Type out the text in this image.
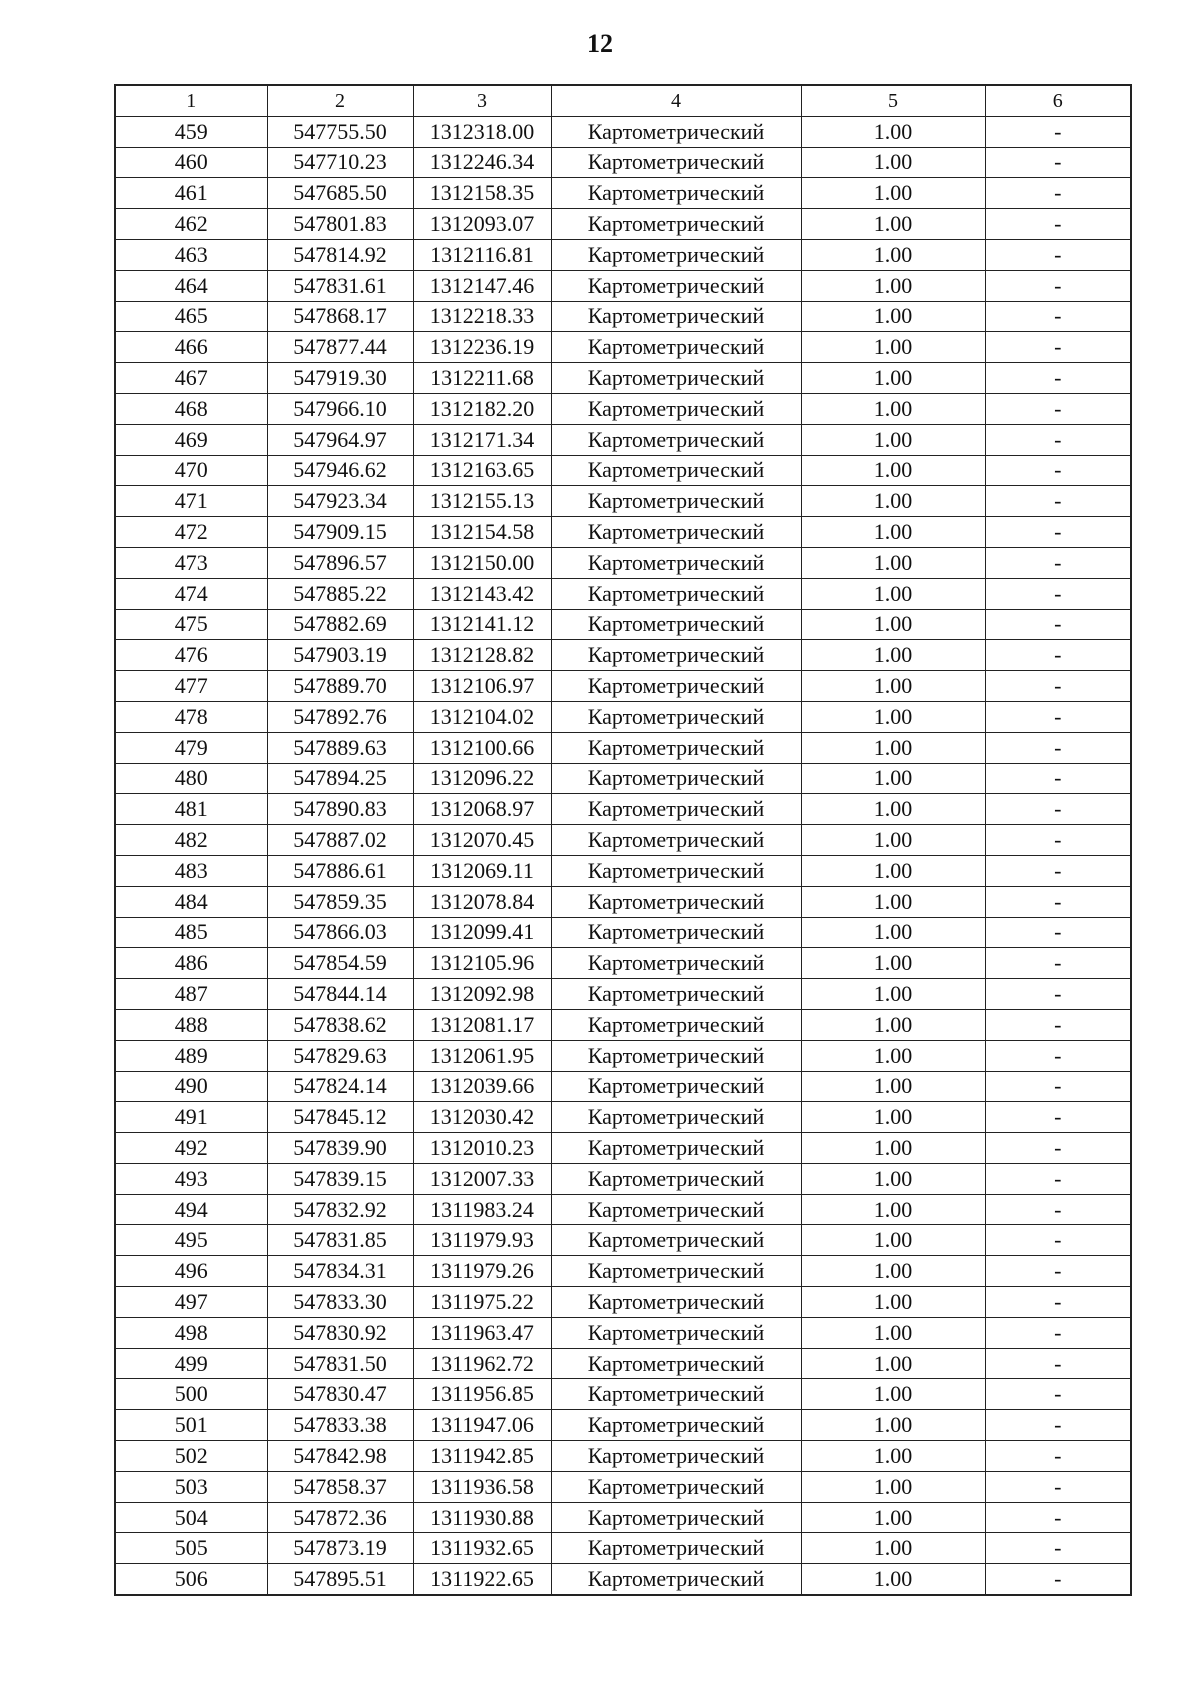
12
1	2	3	4	5	6
459	547755.50	1312318.00	Картометрический	1.00	-
460	547710.23	1312246.34	Картометрический	1.00	-
461	547685.50	1312158.35	Картометрический	1.00	-
462	547801.83	1312093.07	Картометрический	1.00	-
463	547814.92	1312116.81	Картометрический	1.00	-
464	547831.61	1312147.46	Картометрический	1.00	-
465	547868.17	1312218.33	Картометрический	1.00	-
466	547877.44	1312236.19	Картометрический	1.00	-
467	547919.30	1312211.68	Картометрический	1.00	-
468	547966.10	1312182.20	Картометрический	1.00	-
469	547964.97	1312171.34	Картометрический	1.00	-
470	547946.62	1312163.65	Картометрический	1.00	-
471	547923.34	1312155.13	Картометрический	1.00	-
472	547909.15	1312154.58	Картометрический	1.00	-
473	547896.57	1312150.00	Картометрический	1.00	-
474	547885.22	1312143.42	Картометрический	1.00	-
475	547882.69	1312141.12	Картометрический	1.00	-
476	547903.19	1312128.82	Картометрический	1.00	-
477	547889.70	1312106.97	Картометрический	1.00	-
478	547892.76	1312104.02	Картометрический	1.00	-
479	547889.63	1312100.66	Картометрический	1.00	-
480	547894.25	1312096.22	Картометрический	1.00	-
481	547890.83	1312068.97	Картометрический	1.00	-
482	547887.02	1312070.45	Картометрический	1.00	-
483	547886.61	1312069.11	Картометрический	1.00	-
484	547859.35	1312078.84	Картометрический	1.00	-
485	547866.03	1312099.41	Картометрический	1.00	-
486	547854.59	1312105.96	Картометрический	1.00	-
487	547844.14	1312092.98	Картометрический	1.00	-
488	547838.62	1312081.17	Картометрический	1.00	-
489	547829.63	1312061.95	Картометрический	1.00	-
490	547824.14	1312039.66	Картометрический	1.00	-
491	547845.12	1312030.42	Картометрический	1.00	-
492	547839.90	1312010.23	Картометрический	1.00	-
493	547839.15	1312007.33	Картометрический	1.00	-
494	547832.92	1311983.24	Картометрический	1.00	-
495	547831.85	1311979.93	Картометрический	1.00	-
496	547834.31	1311979.26	Картометрический	1.00	-
497	547833.30	1311975.22	Картометрический	1.00	-
498	547830.92	1311963.47	Картометрический	1.00	-
499	547831.50	1311962.72	Картометрический	1.00	-
500	547830.47	1311956.85	Картометрический	1.00	-
501	547833.38	1311947.06	Картометрический	1.00	-
502	547842.98	1311942.85	Картометрический	1.00	-
503	547858.37	1311936.58	Картометрический	1.00	-
504	547872.36	1311930.88	Картометрический	1.00	-
505	547873.19	1311932.65	Картометрический	1.00	-
506	547895.51	1311922.65	Картометрический	1.00	-
